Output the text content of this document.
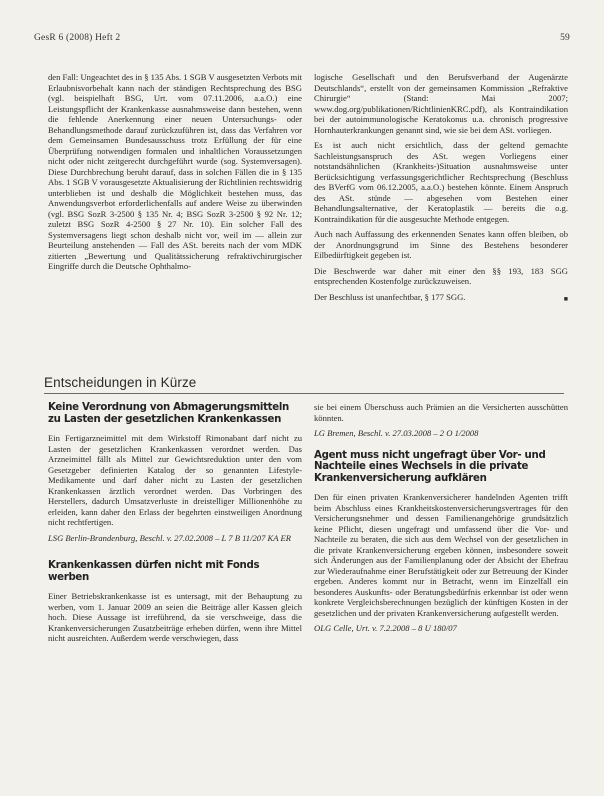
GesR 6 (2008) Heft 2	59

den Fall: Ungeachtet des in § 135 Abs. 1 SGB V ausgesetzten Verbots mit Erlaubnisvorbehalt kann nach der ständigen Rechtsprechung des BSG (vgl. beispielhaft BSG, Urt. vom 07.11.2006, a.a.O.) eine Leistungspflicht der Krankenkasse ausnahmsweise dann bestehen, wenn die fehlende Anerkennung einer neuen Untersuchungs- oder Behandlungsmethode darauf zurückzuführen ist, dass das Verfahren vor dem Gemeinsamen Bundesausschuss trotz Erfüllung der für eine Überprüfung notwendigen formalen und inhaltlichen Voraussetzungen nicht oder nicht zeitgerecht durchgeführt wurde (sog. Systemversagen). Diese Durchbrechung beruht darauf, dass in solchen Fällen die in § 135 Abs. 1 SGB V vorausgesetzte Aktualisierung der Richtlinien rechtswidrig unterblieben ist und deshalb die Möglichkeit bestehen muss, das Anwendungsverbot erforderlichenfalls auf andere Weise zu überwinden (vgl. BSG SozR 3-2500 § 135 Nr. 4; BSG SozR 3-2500 § 92 Nr. 12; zuletzt BSG SozR 4-2500 § 27 Nr. 10). Ein solcher Fall des Systemversagens liegt schon deshalb nicht vor, weil im — allein zur Beurteilung anstehenden — Fall des ASt. bereits nach der vom MDK zitierten „Bewertung und Qualitätssicherung refraktivchirurgischer Eingriffe durch die Deutsche Ophthalmo-

logische Gesellschaft und den Berufsverband der Augenärzte Deutschlands“, erstellt von der gemeinsamen Kommission „Refraktive Chirurgie“ (Stand: Mai 2007; www.dog.org/publikationen/RichtlinienKRC.pdf), als Kontraindikation bei der autoimmunologische Keratokonus u.a. chronisch progressive Hornhauterkrankungen genannt sind, wie sie bei dem ASt. vorliegen.

Es ist auch nicht ersichtlich, dass der geltend gemachte Sachleistungsanspruch des ASt. wegen Vorliegens einer notstandsähnlichen (Krankheits-)Situation ausnahmsweise unter Berücksichtigung verfassungsgerichtlicher Rechtsprechung (Beschluss des BVerfG vom 06.12.2005, a.a.O.) bestehen könnte. Einem Anspruch des ASt. stünde — abgesehen vom Bestehen einer Behandlungsalternative, der Keratoplastik — bereits die o.g. Kontraindikation für die ausgesuchte Methode entgegen.

Auch nach Auffassung des erkennenden Senates kann offen bleiben, ob der Anordnungsgrund im Sinne des Bestehens besonderer Eilbedürftigkeit gegeben ist.

Die Beschwerde war daher mit einer den §§ 193, 183 SGG entsprechenden Kostenfolge zurückzuweisen.

Der Beschluss ist unanfechtbar, § 177 SGG.	■

Entscheidungen in Kürze
Keine Verordnung von Abmagerungsmitteln zu Lasten der gesetzlichen Krankenkassen

Ein Fertigarzneimittel mit dem Wirkstoff Rimonabant darf nicht zu Lasten der gesetzlichen Krankenkassen verordnet werden. Das Arzneimittel fällt als Mittel zur Gewichtsreduktion unter den vom Gesetzgeber definierten Katalog der so genannten Lifestyle-Medikamente und darf daher nicht zu Lasten der gesetzlichen Krankenkassen ärztlich verordnet werden. Das Vorbringen des Herstellers, dadurch Umsatzverluste in dreistelliger Millionenhöhe zu erleiden, kann daher den Erlass der begehrten einstweiligen Anordnung nicht rechtfertigen.

LSG Berlin-Brandenburg, Beschl. v. 27.02.2008 – L 7 B 11/207 KA ER

Krankenkassen dürfen nicht mit Fonds werben

Einer Betriebskrankenkasse ist es untersagt, mit der Behauptung zu werben, vom 1. Januar 2009 an seien die Beiträge aller Kassen gleich hoch. Diese Aussage ist irreführend, da sie verschweige, dass die Krankenversicherungen Zusatzbeiträge erheben dürfen, wenn ihre Mittel nicht ausreichten. Außerdem werde verschwiegen, dass

sie bei einem Überschuss auch Prämien an die Versicherten ausschütten könnten.

LG Bremen, Beschl. v. 27.03.2008 – 2 O 1/2008

Agent muss nicht ungefragt über Vor- und Nachteile eines Wechsels in die private Krankenversicherung aufklären

Den für einen privaten Krankenversicherer handelnden Agenten trifft beim Abschluss eines Krankheitskostenversicherungsvertrages für den Versicherungsnehmer und dessen Familienangehörige grundsätzlich keine Pflicht, diesen ungefragt und umfassend über die Vor- und Nachteile zu beraten, die sich aus dem Wechsel von der gesetzlichen in die private Krankenversicherung ergeben können, insbesondere soweit sich Änderungen aus der Familienplanung oder der Absicht der Ehefrau zur Wiederaufnahme einer Berufstätigkeit oder zur Betreuung der Kinder ergeben. Anderes kommt nur in Betracht, wenn im Einzelfall ein besonderes Auskunfts- oder Beratungsbedürfnis erkennbar ist oder wenn konkrete Vergleichsberechnungen bezüglich der künftigen Kosten in der gesetzlichen und der privaten Krankenversicherung aufgestellt werden.

OLG Celle, Urt. v. 7.2.2008 – 8 U 180/07
